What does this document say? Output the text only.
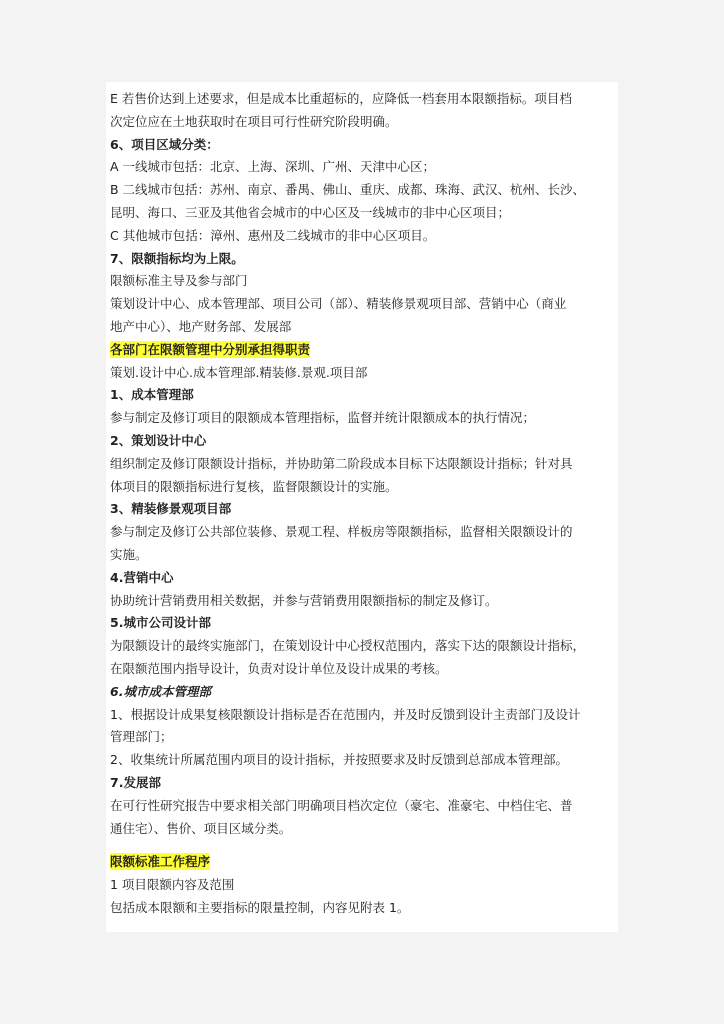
E 若售价达到上述要求，但是成本比重超标的，应降低一档套用本限额指标。项目档
次定位应在土地获取时在项目可行性研究阶段明确。
6、项目区域分类：
A 一线城市包括：北京、上海、深圳、广州、天津中心区；
B 二线城市包括：苏州、南京、番禺、佛山、重庆、成都、珠海、武汉、杭州、长沙、
昆明、海口、三亚及其他省会城市的中心区及一线城市的非中心区项目；
C 其他城市包括：漳州、惠州及二线城市的非中心区项目。
7、限额指标均为上限。
限额标准主导及参与部门
策划设计中心、成本管理部、项目公司（部）、精装修景观项目部、营销中心（商业
地产中心）、地产财务部、发展部
各部门在限额管理中分别承担得职责
策划.设计中心.成本管理部.精装修.景观.项目部
1、成本管理部
参与制定及修订项目的限额成本管理指标，监督并统计限额成本的执行情况；
2、策划设计中心
组织制定及修订限额设计指标，并协助第二阶段成本目标下达限额设计指标；针对具
体项目的限额指标进行复核，监督限额设计的实施。
3、精装修景观项目部
参与制定及修订公共部位装修、景观工程、样板房等限额指标，监督相关限额设计的
实施。
4.营销中心
协助统计营销费用相关数据，并参与营销费用限额指标的制定及修订。
5.城市公司设计部
为限额设计的最终实施部门，在策划设计中心授权范围内，落实下达的限额设计指标，
在限额范围内指导设计，负责对设计单位及设计成果的考核。
6.城市成本管理部
1、根据设计成果复核限额设计指标是否在范围内，并及时反馈到设计主责部门及设计
管理部门；
2、收集统计所属范围内项目的设计指标，并按照要求及时反馈到总部成本管理部。
7.发展部
在可行性研究报告中要求相关部门明确项目档次定位（豪宅、准豪宅、中档住宅、普
通住宅）、售价、项目区域分类。
限额标准工作程序
1 项目限额内容及范围
包括成本限额和主要指标的限量控制，内容见附表 1。
